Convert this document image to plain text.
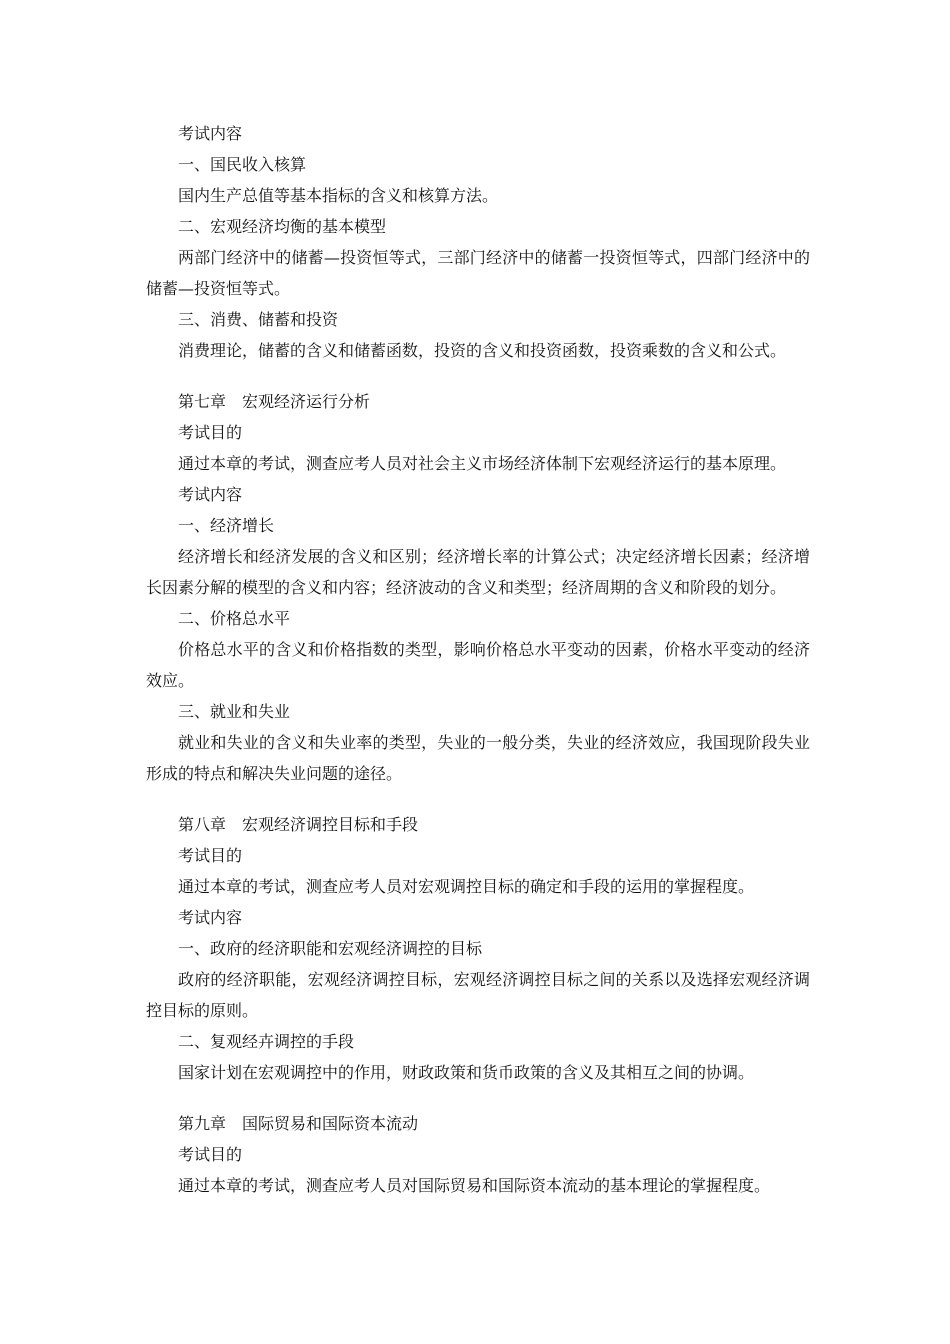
考试内容
一、国民收入核算
国内生产总值等基本指标的含义和核算方法。
二、宏观经济均衡的基本模型
两部门经济中的储蓄—投资恒等式，三部门经济中的储蓄一投资恒等式，四部门经济中的储蓄—投资恒等式。
三、消费、储蓄和投资
消费理论，储蓄的含义和储蓄函数，投资的含义和投资函数，投资乘数的含义和公式。
第七章　宏观经济运行分析
考试目的
通过本章的考试，测查应考人员对社会主义市场经济体制下宏观经济运行的基本原理。
考试内容
一、经济增长
经济增长和经济发展的含义和区别；经济增长率的计算公式；决定经济增长因素；经济增长因素分解的模型的含义和内容；经济波动的含义和类型；经济周期的含义和阶段的划分。
二、价格总水平
价格总水平的含义和价格指数的类型，影响价格总水平变动的因素，价格水平变动的经济效应。
三、就业和失业
就业和失业的含义和失业率的类型，失业的一般分类，失业的经济效应，我国现阶段失业形成的特点和解决失业问题的途径。
第八章　宏观经济调控目标和手段
考试目的
通过本章的考试，测查应考人员对宏观调控目标的确定和手段的运用的掌握程度。
考试内容
一、政府的经济职能和宏观经济调控的目标
政府的经济职能，宏观经济调控目标，宏观经济调控目标之间的关系以及选择宏观经济调控目标的原则。
二、复观经卉调控的手段
国家计划在宏观调控中的作用，财政政策和货币政策的含义及其相互之间的协调。
第九章　国际贸易和国际资本流动
考试目的
通过本章的考试，测查应考人员对国际贸易和国际资本流动的基本理论的掌握程度。
